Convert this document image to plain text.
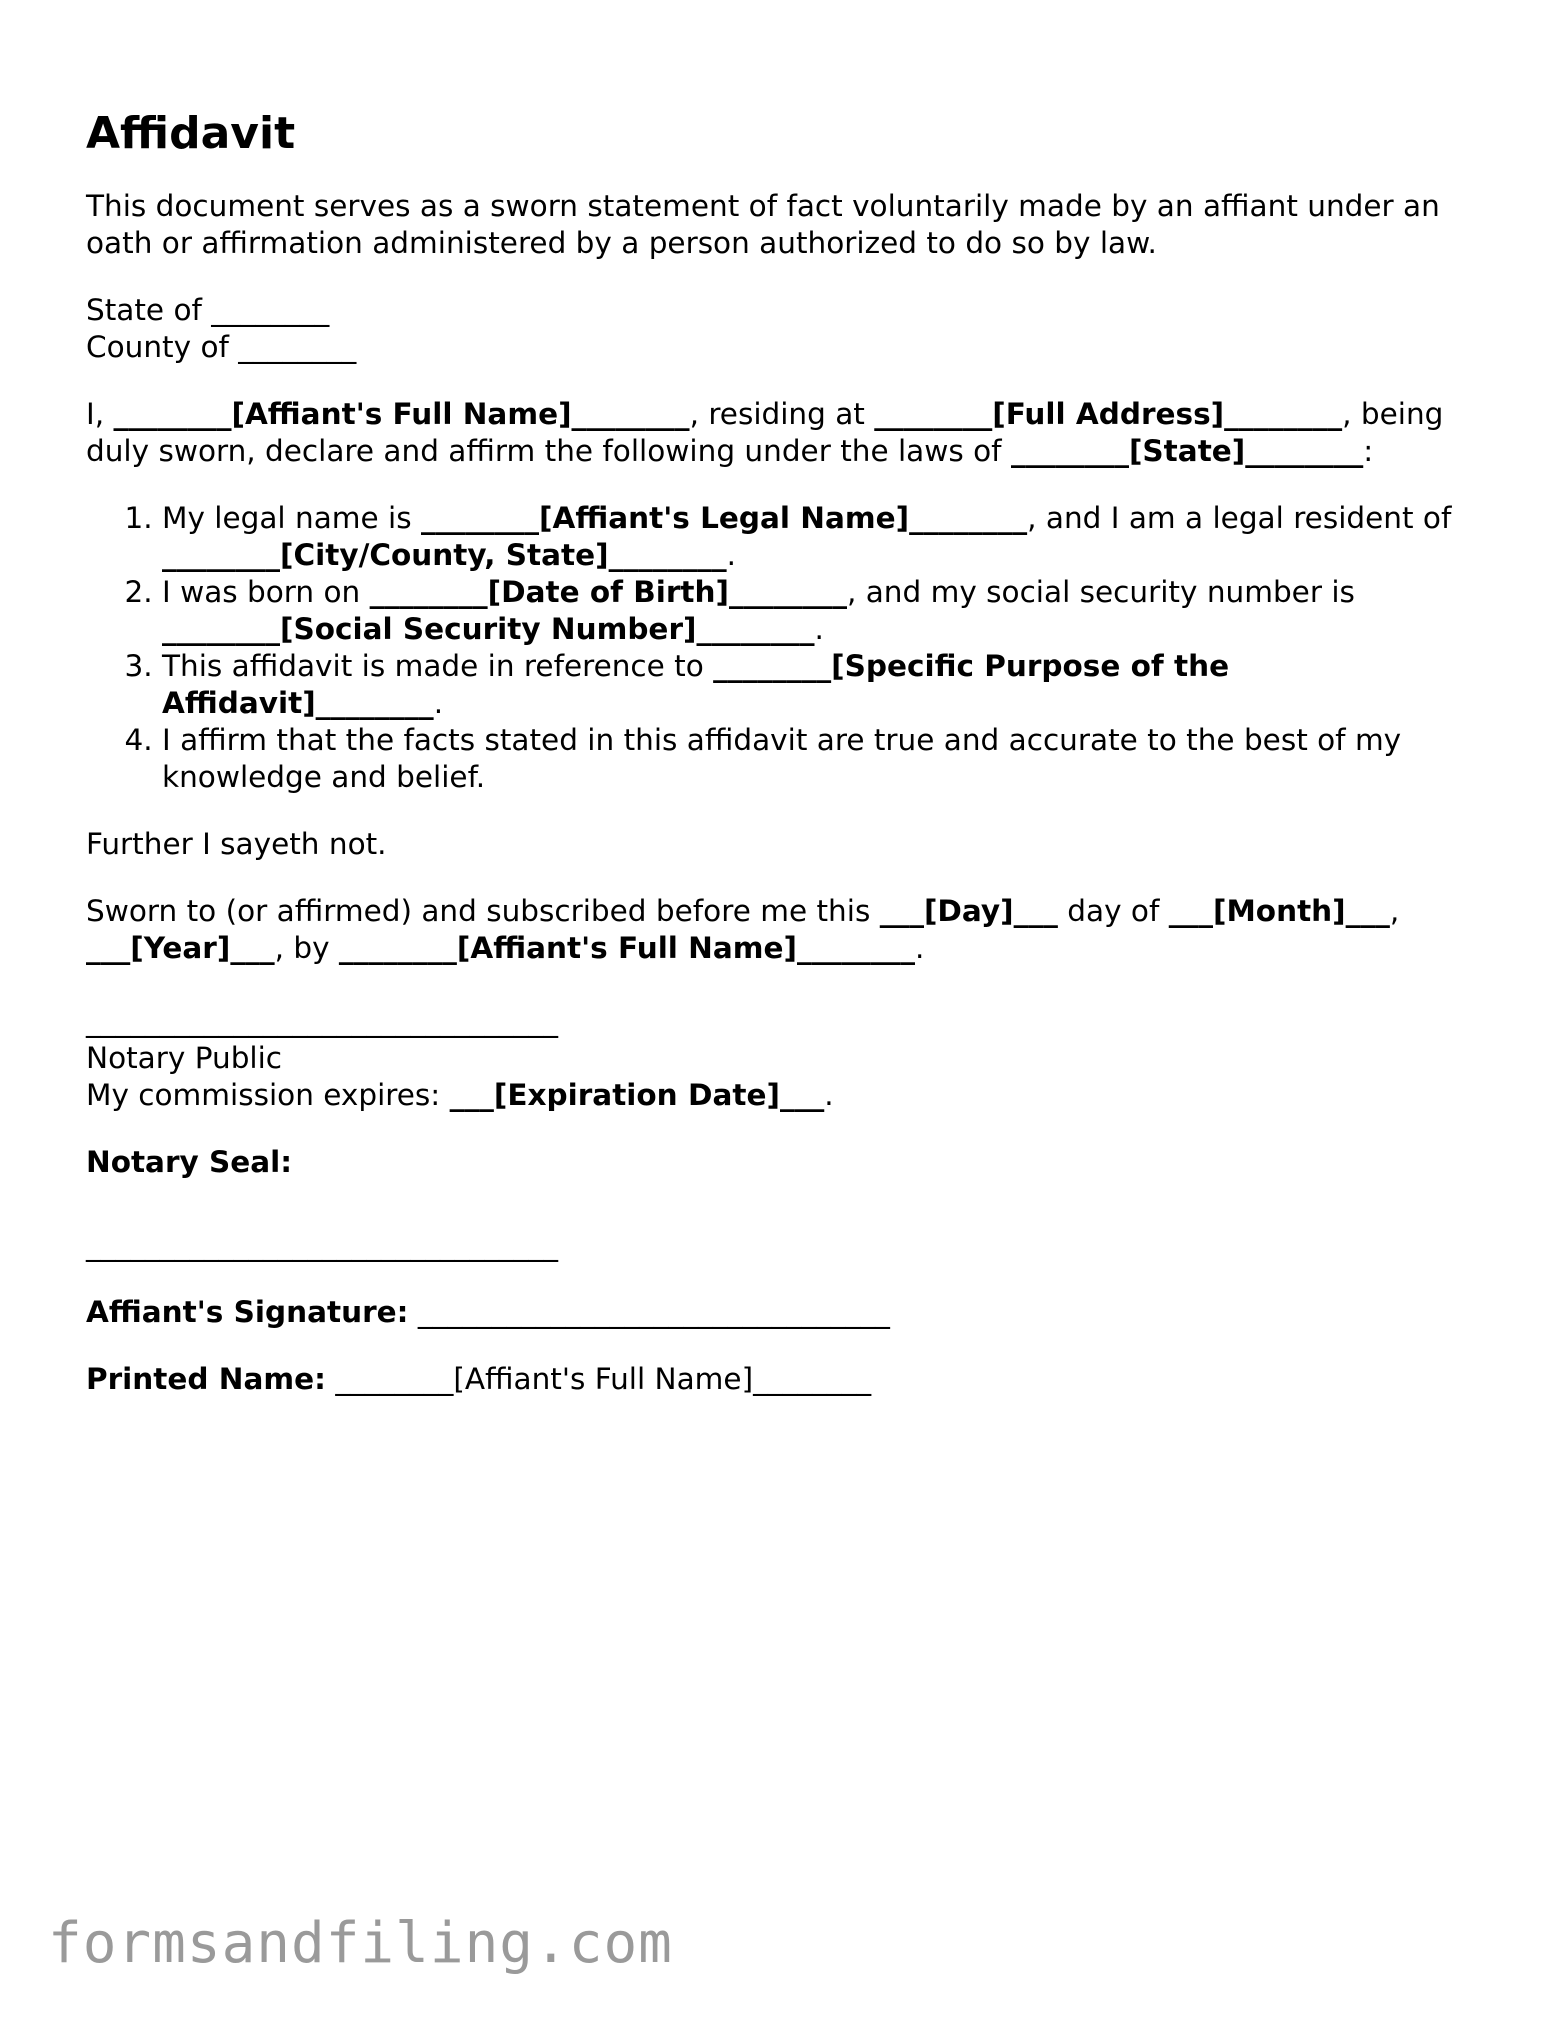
Affidavit

This document serves as a sworn statement of fact voluntarily made by an affiant under an oath or affirmation administered by a person authorized to do so by law.

State of ________
County of ________

I, ________[Affiant's Full Name]________, residing at ________[Full Address]________, being duly sworn, declare and affirm the following under the laws of ________[State]________:

1. My legal name is ________[Affiant's Legal Name]________, and I am a legal resident of ________[City/County, State]________.
2. I was born on ________[Date of Birth]________, and my social security number is ________[Social Security Number]________.
3. This affidavit is made in reference to ________[Specific Purpose of the Affidavit]________.
4. I affirm that the facts stated in this affidavit are true and accurate to the best of my knowledge and belief.

Further I sayeth not.

Sworn to (or affirmed) and subscribed before me this ___[Day]___ day of ___[Month]___, ___[Year]___, by ________[Affiant's Full Name]________.

________________________________
Notary Public
My commission expires: ___[Expiration Date]___.

Notary Seal:

________________________________

Affiant's Signature: ________________________________

Printed Name: ________[Affiant's Full Name]________

formsandfiling.com
